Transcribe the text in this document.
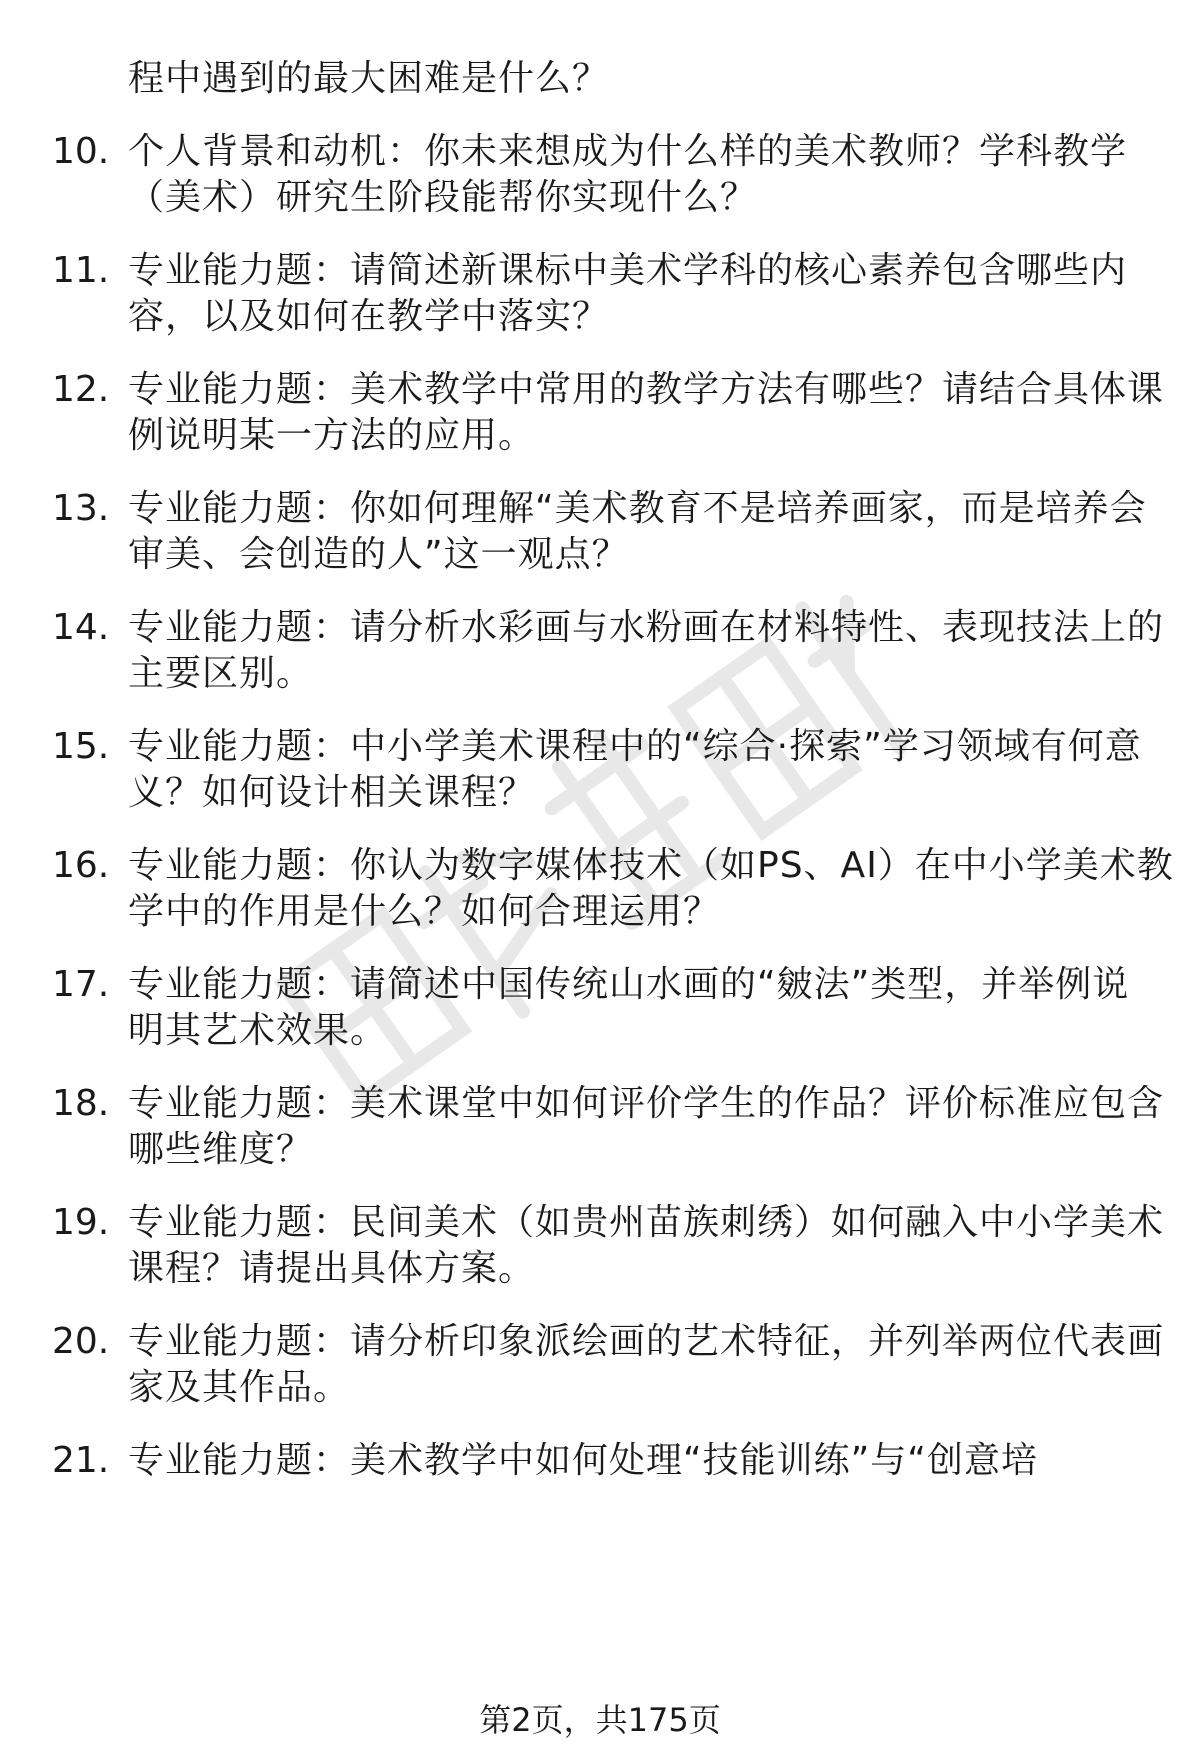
程中遇到的最大困难是什么？
10. 个人背景和动机：你未来想成为什么样的美术教师？学科教学
（美术）研究生阶段能帮你实现什么？
11. 专业能力题：请简述新课标中美术学科的核心素养包含哪些内
容，以及如何在教学中落实？
12. 专业能力题：美术教学中常用的教学方法有哪些？请结合具体课
例说明某一方法的应用。
13. 专业能力题：你如何理解“美术教育不是培养画家，而是培养会
审美、会创造的人”这一观点？
14. 专业能力题：请分析水彩画与水粉画在材料特性、表现技法上的
主要区别。
15. 专业能力题：中小学美术课程中的“综合·探索”学习领域有何意
义？如何设计相关课程？
16. 专业能力题：你认为数字媒体技术（如PS、AI）在中小学美术教
学中的作用是什么？如何合理运用？
17. 专业能力题：请简述中国传统山水画的“皴法”类型，并举例说
明其艺术效果。
18. 专业能力题：美术课堂中如何评价学生的作品？评价标准应包含
哪些维度？
19. 专业能力题：民间美术（如贵州苗族刺绣）如何融入中小学美术
课程？请提出具体方案。
20. 专业能力题：请分析印象派绘画的艺术特征，并列举两位代表画
家及其作品。
21. 专业能力题：美术教学中如何处理“技能训练”与“创意培
第2页，共175页
